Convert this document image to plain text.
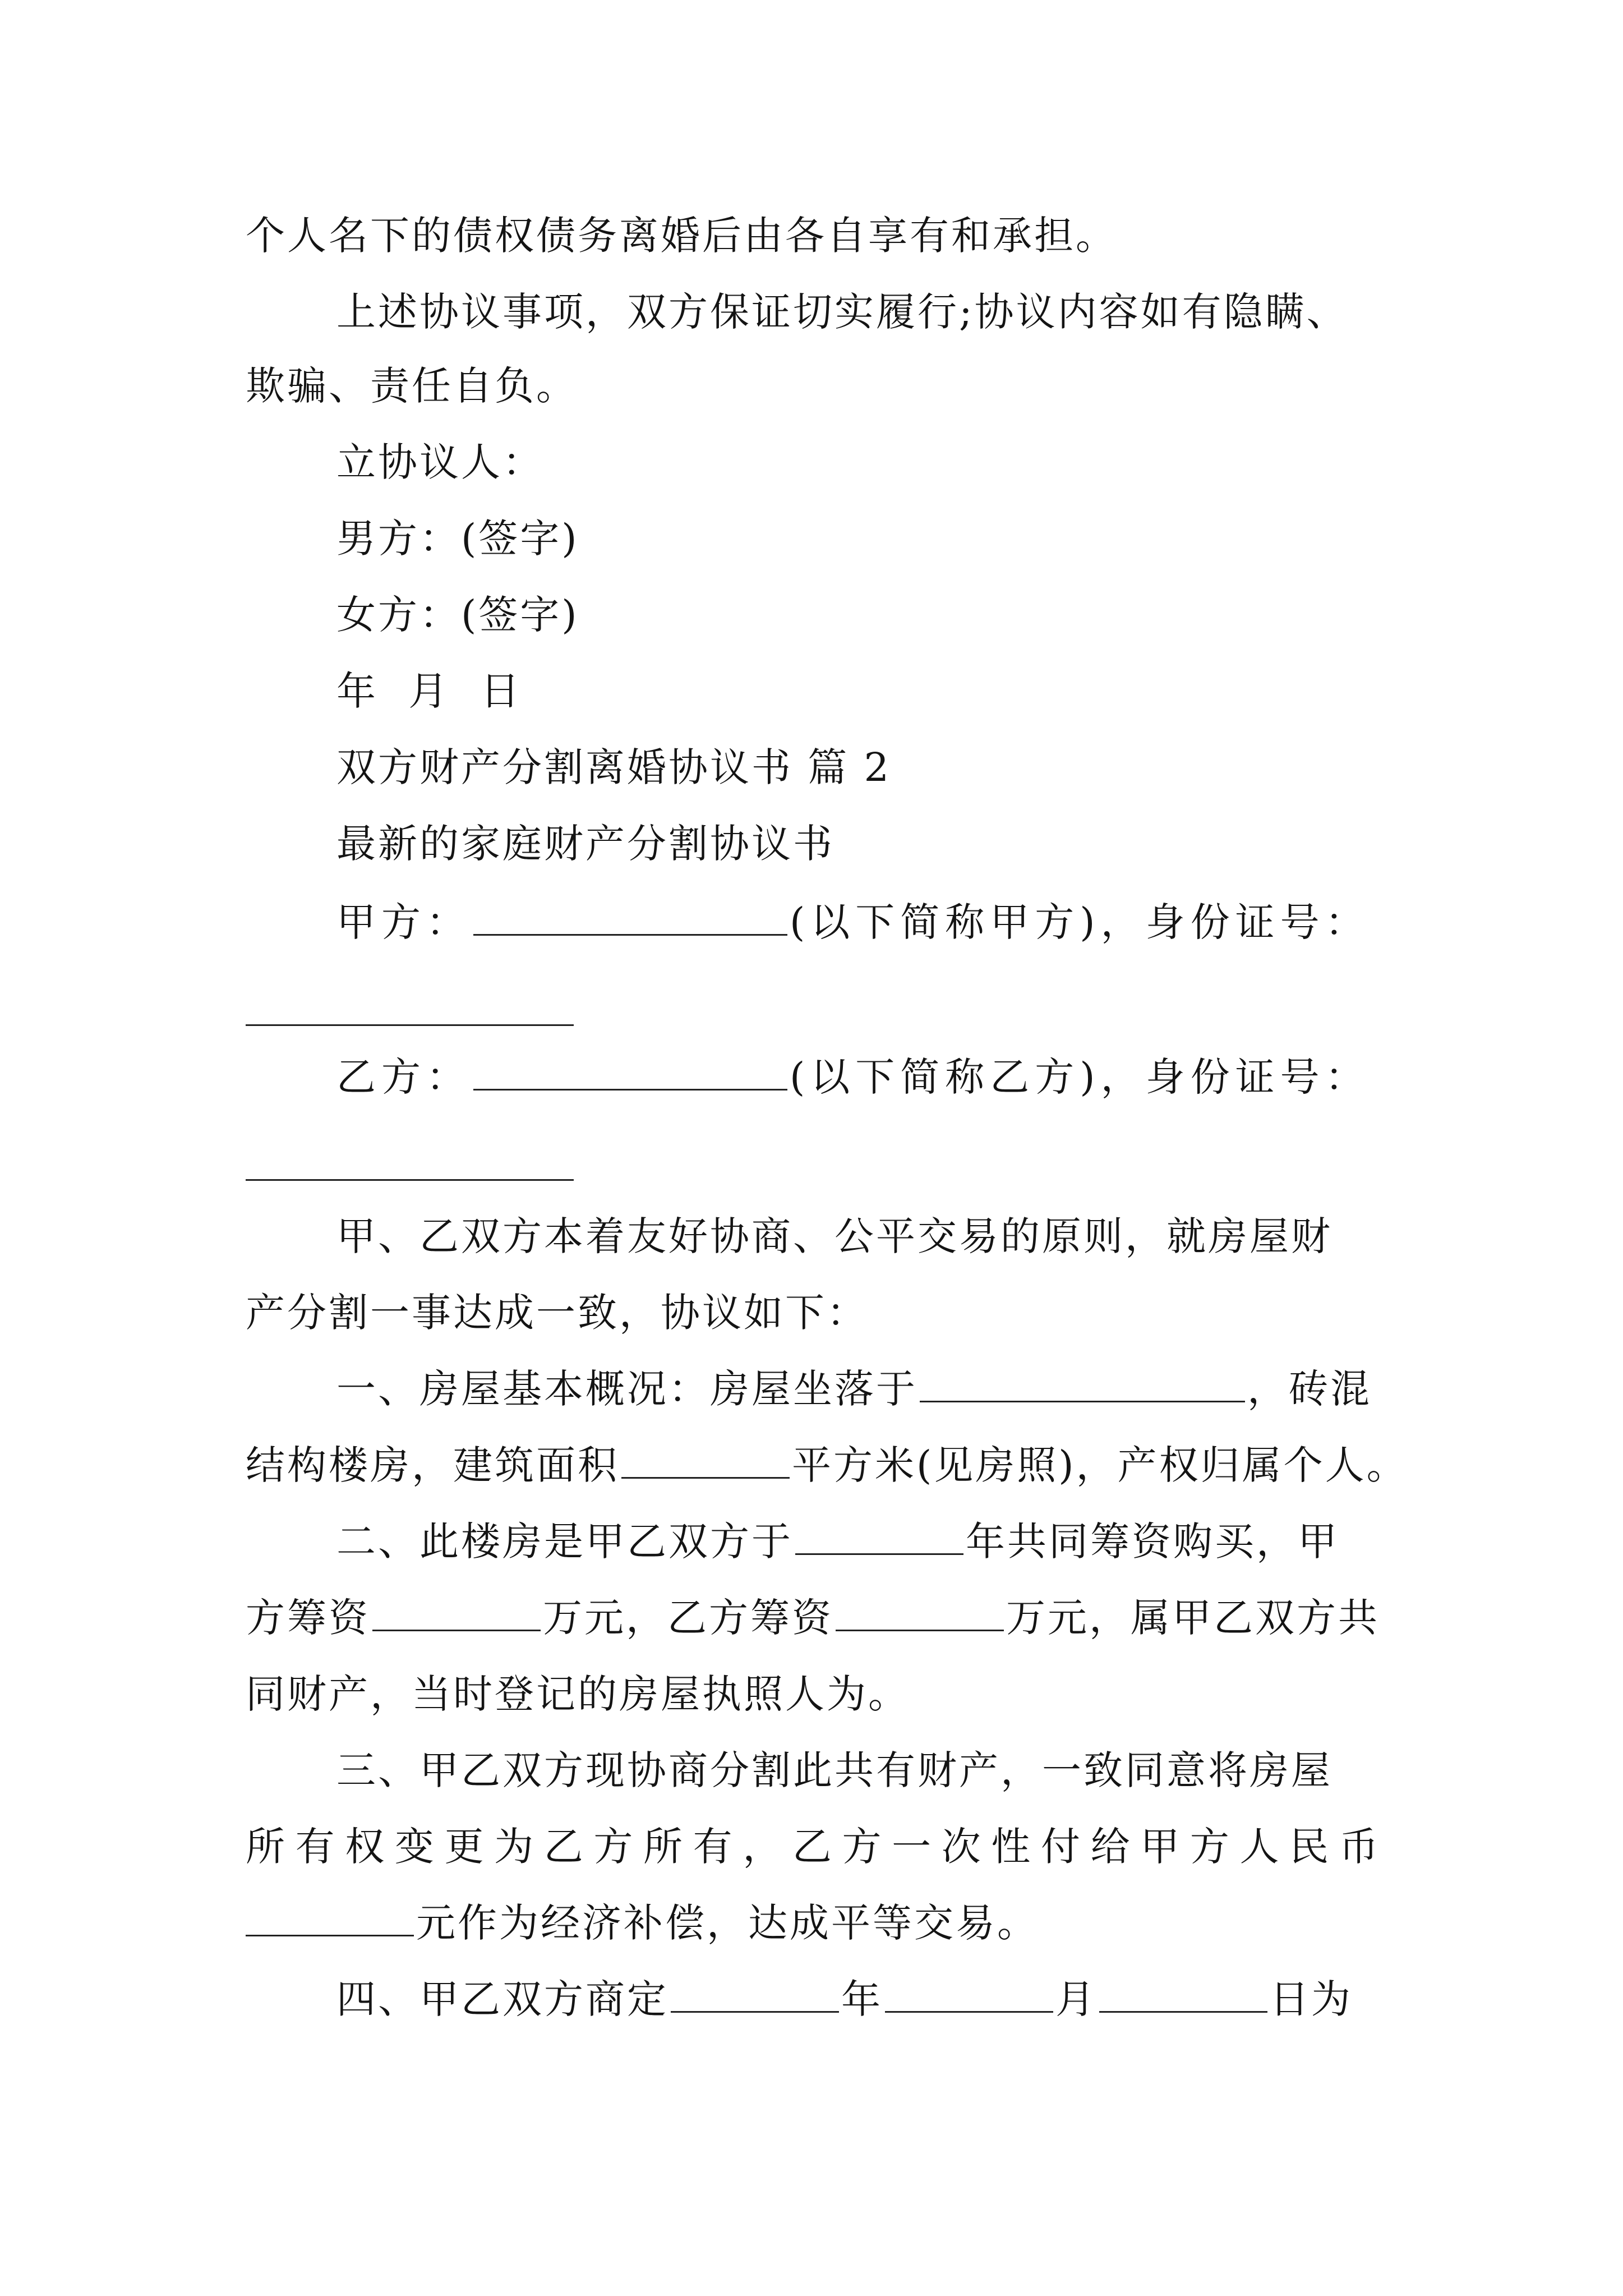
个人名下的债权债务离婚后由各自享有和承担。
上述协议事项，双方保证切实履行;协议内容如有隐瞒、
欺骗、责任自负。
立协议人：
男方：(签字)
女方：(签字)
年 月 日
双方财产分割离婚协议书 篇 2
最新的家庭财产分割协议书
甲方：	(以下简称甲方)，身份证号：
乙方：	(以下简称乙方)，身份证号：
甲、乙双方本着友好协商、公平交易的原则，就房屋财
产分割一事达成一致，协议如下：
一、房屋基本概况：房屋坐落于	，砖混
结构楼房，建筑面积	平方米(见房照)，产权归属个人。
二、此楼房是甲乙双方于	年共同筹资购买，甲
方筹资	万元，乙方筹资	万元，属甲乙双方共
同财产，当时登记的房屋执照人为。
三、甲乙双方现协商分割此共有财产，一致同意将房屋
所 有 权 变 更 为 乙 方 所 有 ， 乙 方 一 次 性 付 给 甲 方 人 民 币
元作为经济补偿，达成平等交易。
四、甲乙双方商定	年	月	日为
